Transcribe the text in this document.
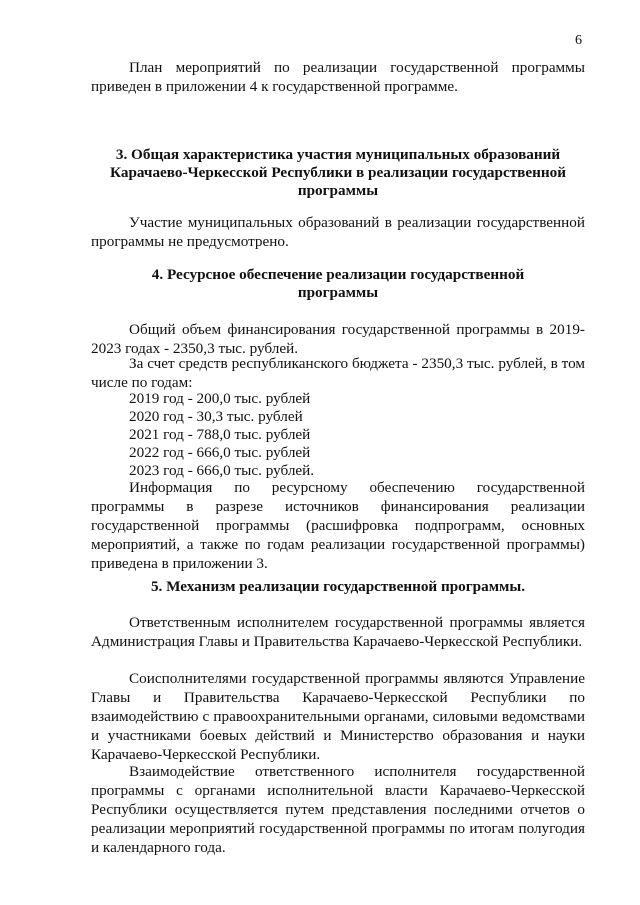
6

План мероприятий по реализации государственной программы приведен в приложении 4 к государственной программе.

3. Общая характеристика участия муниципальных образований Карачаево-Черкесской Республики в реализации государственной программы

Участие муниципальных образований в реализации государственной программы не предусмотрено.

4. Ресурсное обеспечение реализации государственной программы

Общий объем финансирования государственной программы в 2019-2023 годах - 2350,3 тыс. рублей.

За счет средств республиканского бюджета - 2350,3 тыс. рублей, в том числе по годам:

2019 год - 200,0 тыс. рублей
2020 год - 30,3 тыс. рублей
2021 год - 788,0 тыс. рублей
2022 год - 666,0 тыс. рублей
2023 год - 666,0 тыс. рублей.

Информация по ресурсному обеспечению государственной программы в разрезе источников финансирования реализации государственной программы (расшифровка подпрограмм, основных мероприятий, а также по годам реализации государственной программы) приведена в приложении 3.

5. Механизм реализации государственной программы.

Ответственным исполнителем государственной программы является Администрация Главы и Правительства Карачаево-Черкесской Республики.

Соисполнителями государственной программы являются Управление Главы и Правительства Карачаево-Черкесской Республики по взаимодействию с правоохранительными органами, силовыми ведомствами и участниками боевых действий и Министерство образования и науки Карачаево-Черкесской Республики.

Взаимодействие ответственного исполнителя государственной программы с органами исполнительной власти Карачаево-Черкесской Республики осуществляется путем представления последними отчетов о реализации мероприятий государственной программы по итогам полугодия и календарного года.
